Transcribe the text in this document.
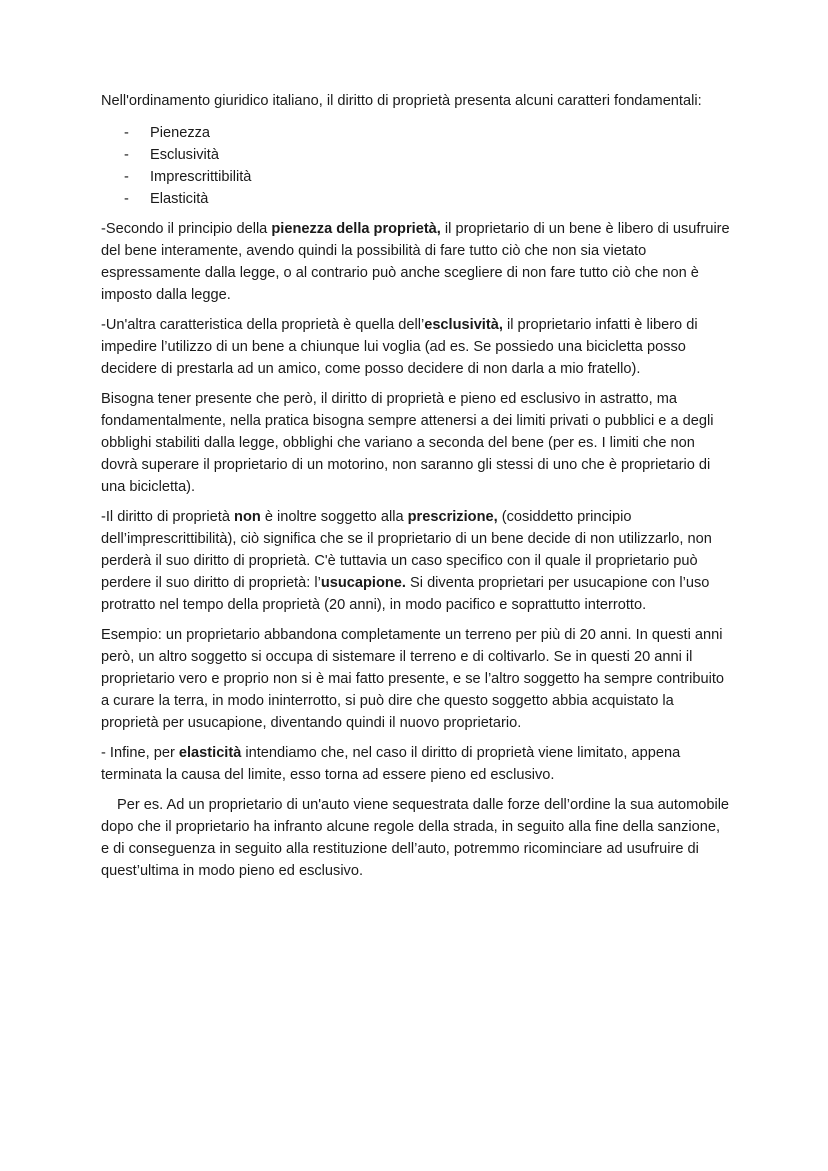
Nell'ordinamento giuridico italiano, il diritto di proprietà presenta alcuni caratteri fondamentali:

- Pienezza
- Esclusività
- Imprescrittibilità
- Elasticità

-Secondo il principio della pienezza della proprietà, il proprietario di un bene è libero di usufruire del bene interamente, avendo quindi la possibilità di fare tutto ciò che non sia vietato espressamente dalla legge, o al contrario può anche scegliere di non fare tutto ciò che non è imposto dalla legge.

-Un'altra caratteristica della proprietà è quella dell’esclusività, il proprietario infatti è libero di impedire l’utilizzo di un bene a chiunque lui voglia (ad es. Se possiedo una bicicletta posso decidere di prestarla ad un amico, come posso decidere di non darla a mio fratello).

Bisogna tener presente che però, il diritto di proprietà e pieno ed esclusivo in astratto, ma fondamentalmente, nella pratica bisogna sempre attenersi a dei limiti privati o pubblici e a degli obblighi stabiliti dalla legge, obblighi che variano a seconda del bene (per es. I limiti che non dovrà superare il proprietario di un motorino, non saranno gli stessi di uno che è proprietario di una bicicletta).

-Il diritto di proprietà non è inoltre soggetto alla prescrizione, (cosiddetto principio dell’imprescrittibilità), ciò significa che se il proprietario di un bene decide di non utilizzarlo, non perderà il suo diritto di proprietà. C'è tuttavia un caso specifico con il quale il proprietario può perdere il suo diritto di proprietà: l’usucapione. Si diventa proprietari per usucapione con l’uso protratto nel tempo della proprietà (20 anni), in modo pacifico e soprattutto interrotto.

Esempio: un proprietario abbandona completamente un terreno per più di 20 anni. In questi anni però, un altro soggetto si occupa di sistemare il terreno e di coltivarlo. Se in questi 20 anni il proprietario vero e proprio non si è mai fatto presente, e se l’altro soggetto ha sempre contribuito a curare la terra, in modo ininterrotto, si può dire che questo soggetto abbia acquistato la proprietà per usucapione, diventando quindi il nuovo proprietario.

- Infine, per elasticità intendiamo che, nel caso il diritto di proprietà viene limitato, appena terminata la causa del limite, esso torna ad essere pieno ed esclusivo.

Per es. Ad un proprietario di un'auto viene sequestrata dalle forze dell’ordine la sua automobile dopo che il proprietario ha infranto alcune regole della strada, in seguito alla fine della sanzione, e di conseguenza in seguito alla restituzione dell’auto, potremmo ricominciare ad usufruire di quest’ultima in modo pieno ed esclusivo.
